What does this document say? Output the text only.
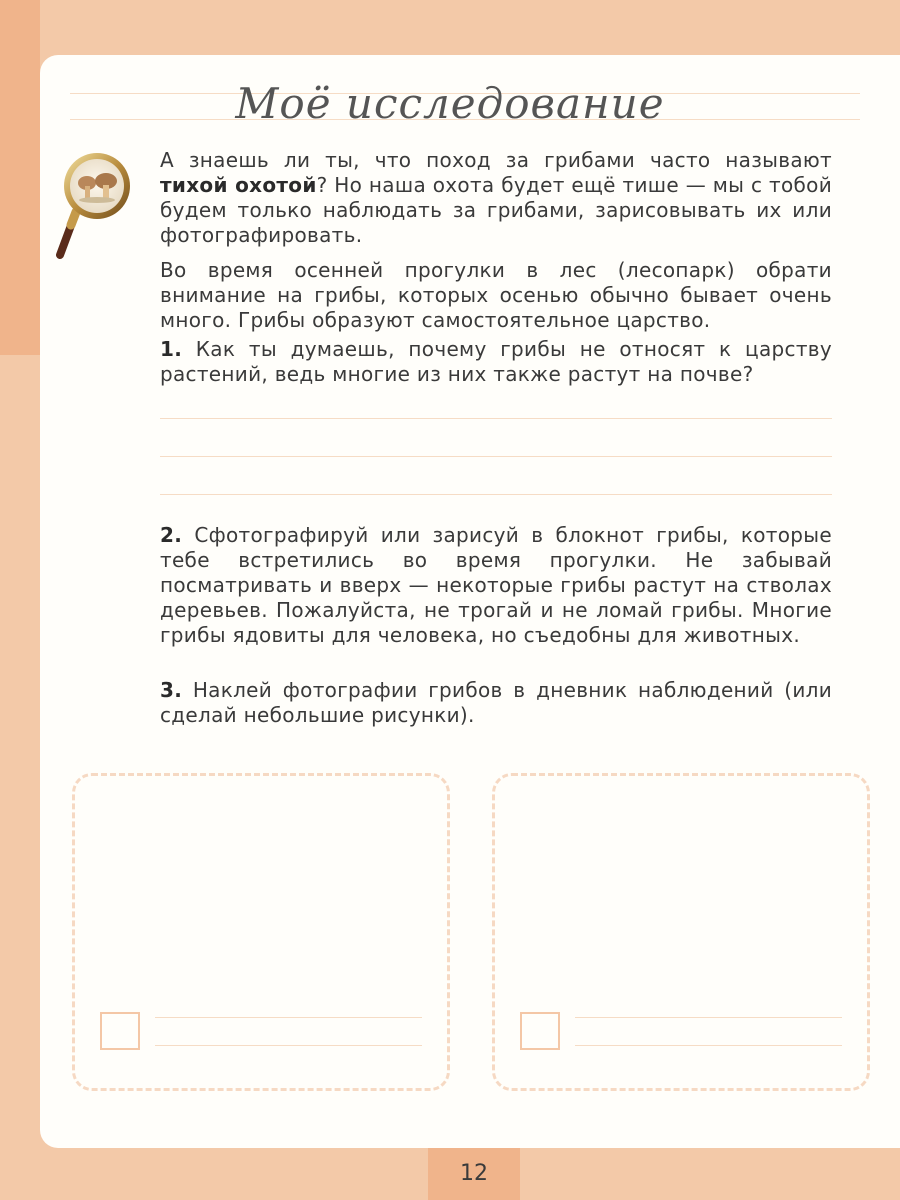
Моё исследование

А знаешь ли ты, что поход за грибами часто называют тихой охотой? Но наша охота будет ещё тише — мы с тобой будем только наблюдать за грибами, зарисовывать их или фотографировать.

Во время осенней прогулки в лес (лесопарк) обрати внимание на грибы, которых осенью обычно бывает очень много. Грибы образуют самостоятельное царство.

1. Как ты думаешь, почему грибы не относят к царству растений, ведь многие из них также растут на почве?

2. Сфотографируй или зарисуй в блокнот грибы, которые тебе встретились во время прогулки. Не забывай посматривать и вверх — некоторые грибы растут на стволах деревьев. Пожалуйста, не трогай и не ломай грибы. Многие грибы ядовиты для человека, но съедобны для животных.

3. Наклей фотографии грибов в дневник наблюдений (или сделай небольшие рисунки).

12
